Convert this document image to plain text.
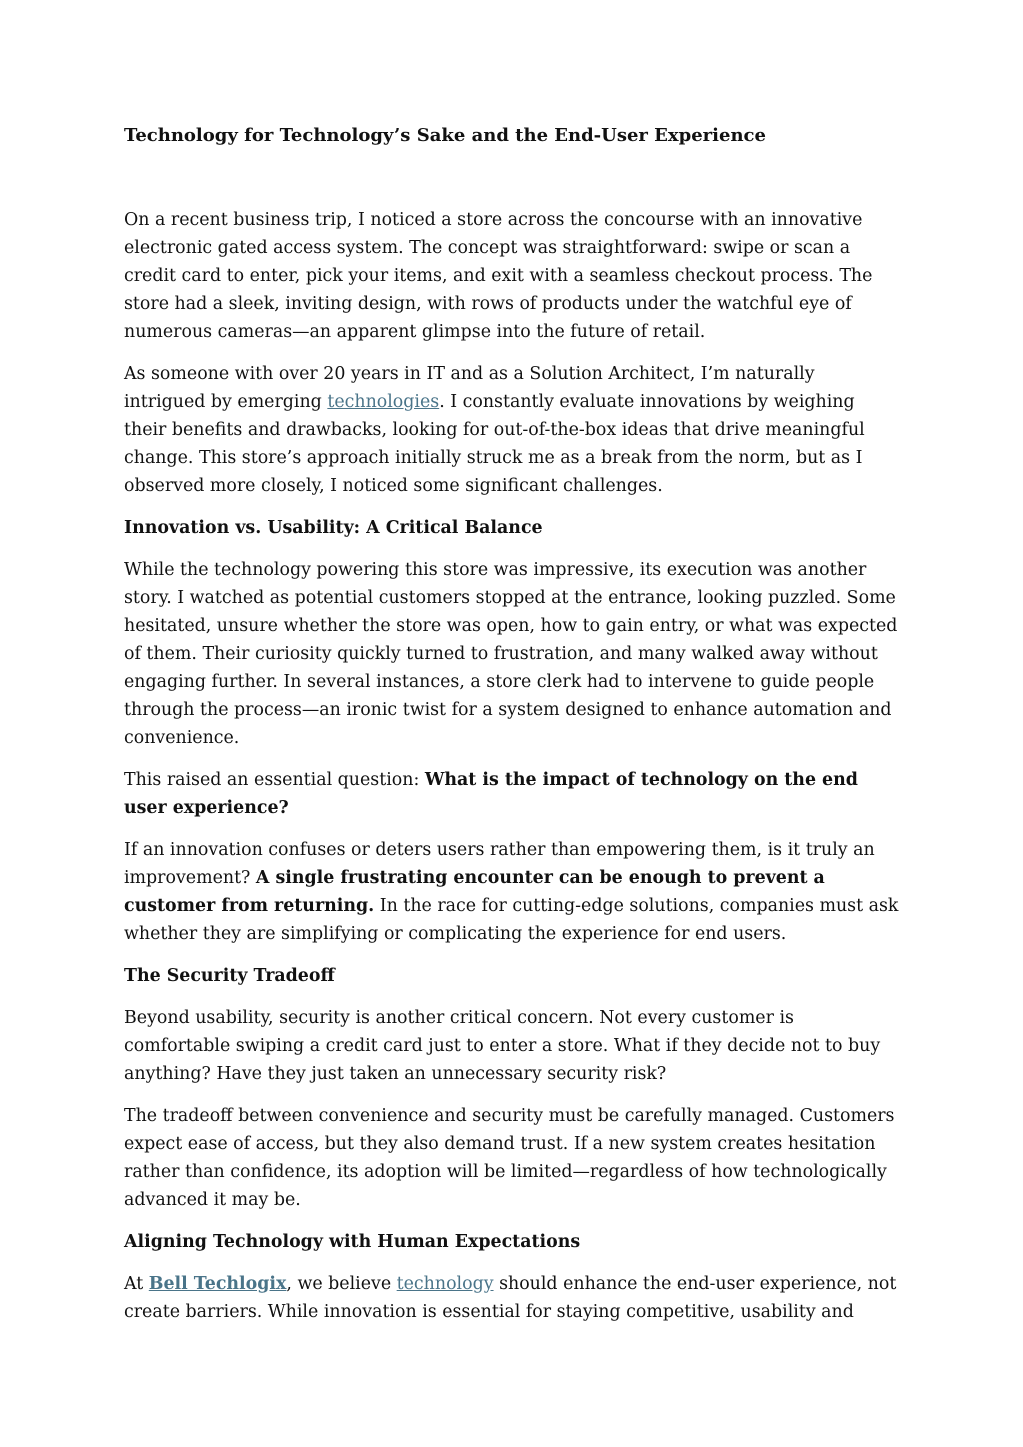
Technology for Technology’s Sake and the End-User Experience

On a recent business trip, I noticed a store across the concourse with an innovative electronic gated access system. The concept was straightforward: swipe or scan a credit card to enter, pick your items, and exit with a seamless checkout process. The store had a sleek, inviting design, with rows of products under the watchful eye of numerous cameras—an apparent glimpse into the future of retail.

As someone with over 20 years in IT and as a Solution Architect, I’m naturally intrigued by emerging technologies. I constantly evaluate innovations by weighing their benefits and drawbacks, looking for out-of-the-box ideas that drive meaningful change. This store’s approach initially struck me as a break from the norm, but as I observed more closely, I noticed some significant challenges.

Innovation vs. Usability: A Critical Balance

While the technology powering this store was impressive, its execution was another story. I watched as potential customers stopped at the entrance, looking puzzled. Some hesitated, unsure whether the store was open, how to gain entry, or what was expected of them. Their curiosity quickly turned to frustration, and many walked away without engaging further. In several instances, a store clerk had to intervene to guide people through the process—an ironic twist for a system designed to enhance automation and convenience.

This raised an essential question: What is the impact of technology on the end user experience?

If an innovation confuses or deters users rather than empowering them, is it truly an improvement? A single frustrating encounter can be enough to prevent a customer from returning. In the race for cutting-edge solutions, companies must ask whether they are simplifying or complicating the experience for end users.

The Security Tradeoff

Beyond usability, security is another critical concern. Not every customer is comfortable swiping a credit card just to enter a store. What if they decide not to buy anything? Have they just taken an unnecessary security risk?

The tradeoff between convenience and security must be carefully managed. Customers expect ease of access, but they also demand trust. If a new system creates hesitation rather than confidence, its adoption will be limited—regardless of how technologically advanced it may be.

Aligning Technology with Human Expectations

At Bell Techlogix, we believe technology should enhance the end-user experience, not create barriers. While innovation is essential for staying competitive, usability and
